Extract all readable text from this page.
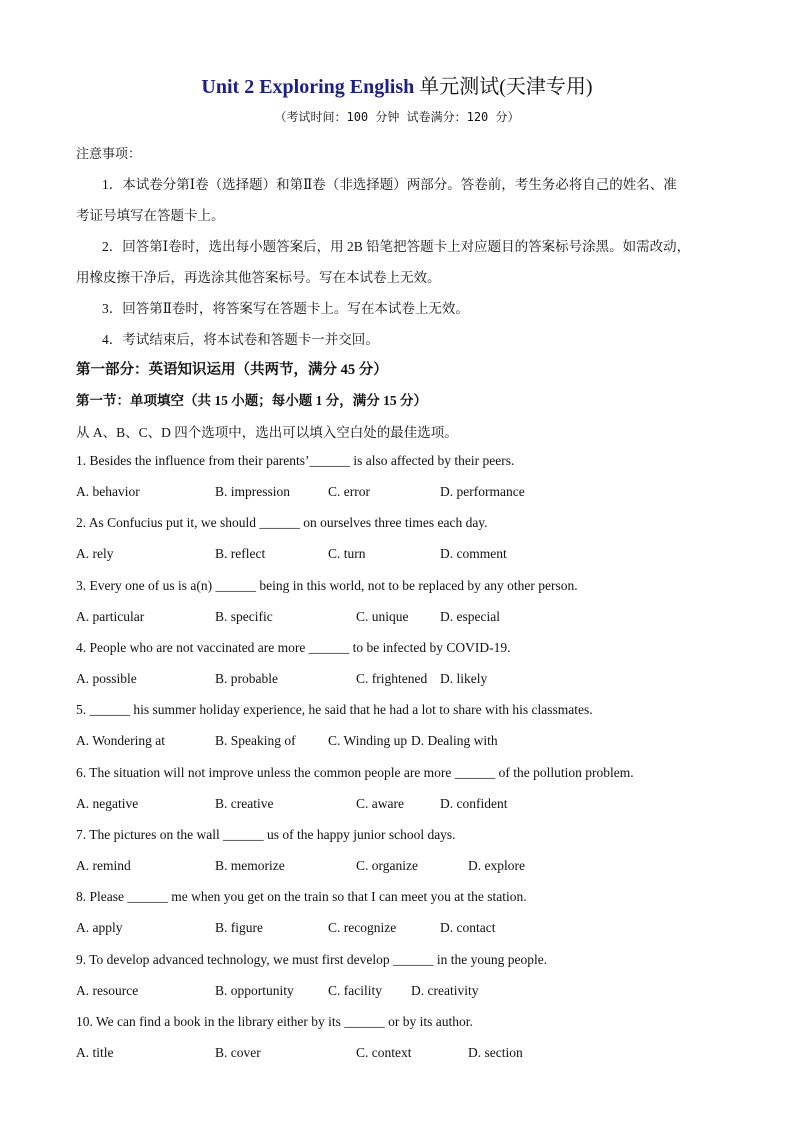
Unit 2 Exploring English 单元测试(天津专用)
（考试时间：100 分钟 试卷满分：120 分）
注意事项：
1．本试卷分第Ⅰ卷（选择题）和第Ⅱ卷（非选择题）两部分。答卷前，考生务必将自己的姓名、准
考证号填写在答题卡上。
2．回答第Ⅰ卷时，选出每小题答案后，用 2B 铅笔把答题卡上对应题目的答案标号涂黑。如需改动，
用橡皮擦干净后，再选涂其他答案标号。写在本试卷上无效。
3．回答第Ⅱ卷时，将答案写在答题卡上。写在本试卷上无效。
4．考试结束后，将本试卷和答题卡一并交回。
第一部分：英语知识运用（共两节，满分 45 分）
第一节：单项填空（共 15 小题；每小题 1 分，满分 15 分）
从 A、B、C、D 四个选项中，选出可以填入空白处的最佳选项。
1. Besides the influence from their parents’______ is also affected by their peers.
A. behavior	B. impression	C. error	D. performance
2. As Confucius put it, we should ______ on ourselves three times each day.
A. rely	B. reflect	C. turn	D. comment
3. Every one of us is a(n) ______ being in this world, not to be replaced by any other person.
A. particular	B. specific	C. unique D. especial
4. People who are not vaccinated are more ______ to be infected by COVID-19.
A. possible	B. probable	C. frightened D. likely
5. ______ his summer holiday experience, he said that he had a lot to share with his classmates.
A. Wondering at	B. Speaking of C. Winding up D. Dealing with
6. The situation will not improve unless the common people are more ______ of the pollution problem.
A. negative	B. creative	C. aware	D. confident
7. The pictures on the wall ______ us of the happy junior school days.
A. remind	B. memorize	C. organize	D. explore
8. Please ______ me when you get on the train so that I can meet you at the station.
A. apply	B. figure	C. recognize	D. contact
9. To develop advanced technology, we must first develop ______ in the young people.
A. resource	B. opportunity	C. facility D. creativity
10. We can find a book in the library either by its ______ or by its author.
A. title	B. cover	C. context	D. section
